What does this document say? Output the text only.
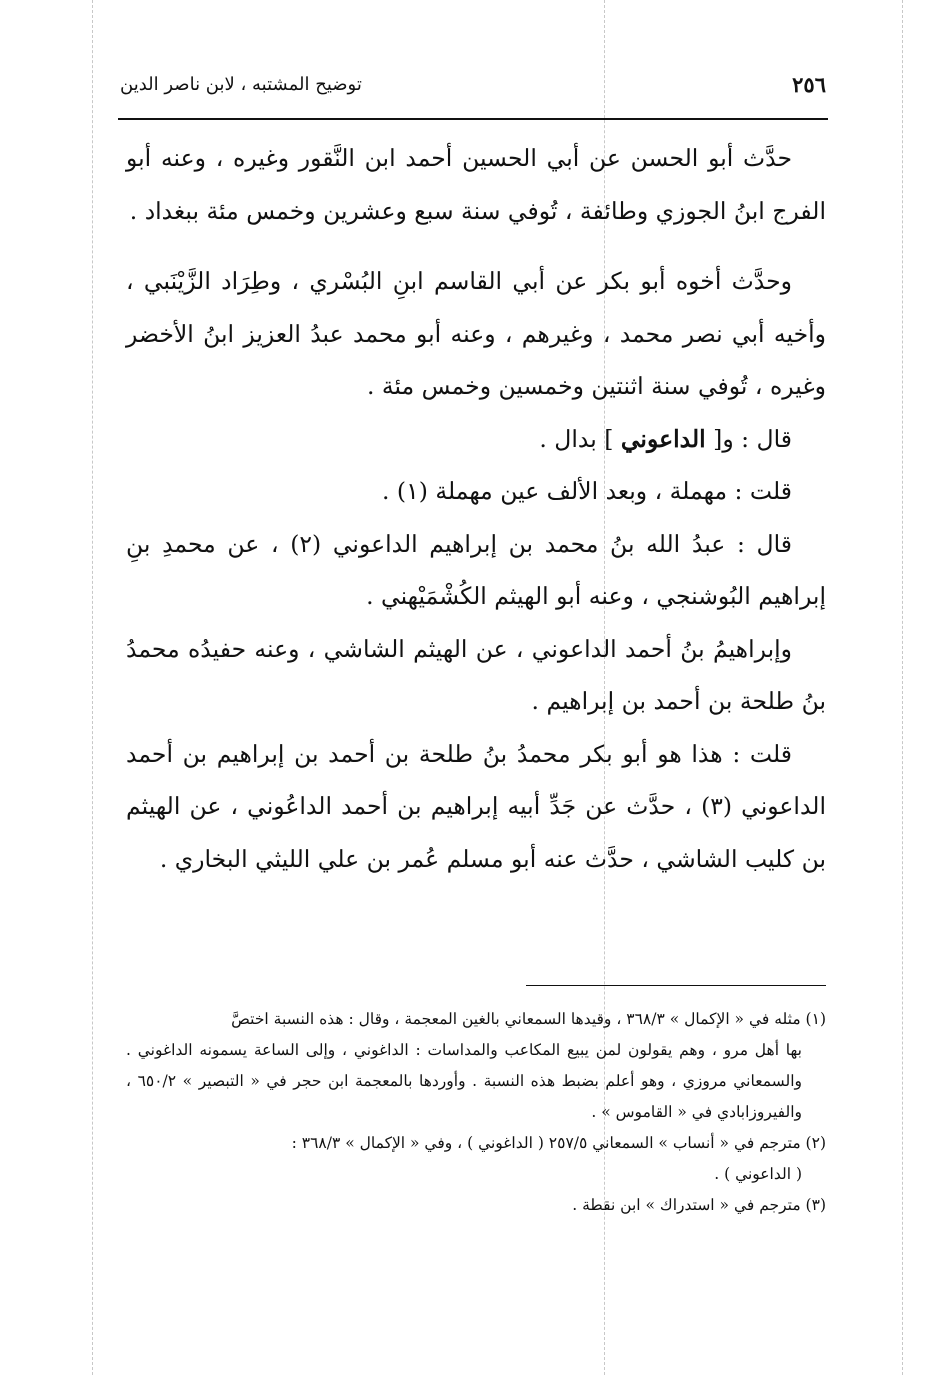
٢٥٦
توضيح المشتبه ، لابن ناصر الدين

حدَّث أبو الحسن عن أبي الحسين أحمد ابن النَّقور وغيره ، وعنه أبو الفرج ابنُ الجوزي وطائفة ، تُوفي سنة سبع وعشرين وخمس مئة ببغداد .

وحدَّث أخوه أبو بكر عن أبي القاسم ابنِ البُسْري ، وطِرَاد الزَّيْنَبي ، وأخيه أبي نصر محمد ، وغيرهم ، وعنه أبو محمد عبدُ العزيز ابنُ الأخضر وغيره ، تُوفي سنة اثنتين وخمسين وخمس مئة .

قال : و[ الداعوني ] بدال .

قلت : مهملة ، وبعد الألف عين مهملة (١) .

قال : عبدُ الله بنُ محمد بن إبراهيم الداعوني (٢) ، عن محمدِ بنِ إبراهيم البُوشنجي ، وعنه أبو الهيثم الكُشْمَيْهني .

وإبراهيمُ بنُ أحمد الداعوني ، عن الهيثم الشاشي ، وعنه حفيدُه محمدُ بنُ طلحة بن أحمد بن إبراهيم .

قلت : هذا هو أبو بكر محمدُ بنُ طلحة بن أحمد بن إبراهيم بن أحمد الداعوني (٣) ، حدَّث عن جَدِّ أبيه إبراهيم بن أحمد الداعُوني ، عن الهيثم بن كليب الشاشي ، حدَّث عنه أبو مسلم عُمر بن علي الليثي البخاري .

(١) مثله في « الإكمال » ٣٦٨/٣ ، وقيدها السمعاني بالغين المعجمة ، وقال : هذه النسبة اختصَّ

بها أهل مرو ، وهم يقولون لمن يبيع المكاعب والمداسات : الداغوني ، وإلى الساعة يسمونه الداغوني . والسمعاني مروزي ، وهو أعلم بضبط هذه النسبة . وأوردها بالمعجمة ابن حجر في « التبصير » ٦٥٠/٢ ، والفيروزابادي في « القاموس » .

(٢) مترجم في « أنساب » السمعاني ٢٥٧/٥ ( الداغوني ) ، وفي « الإكمال » ٣٦٨/٣ :

( الداعوني ) .

(٣) مترجم في « استدراك » ابن نقطة .
